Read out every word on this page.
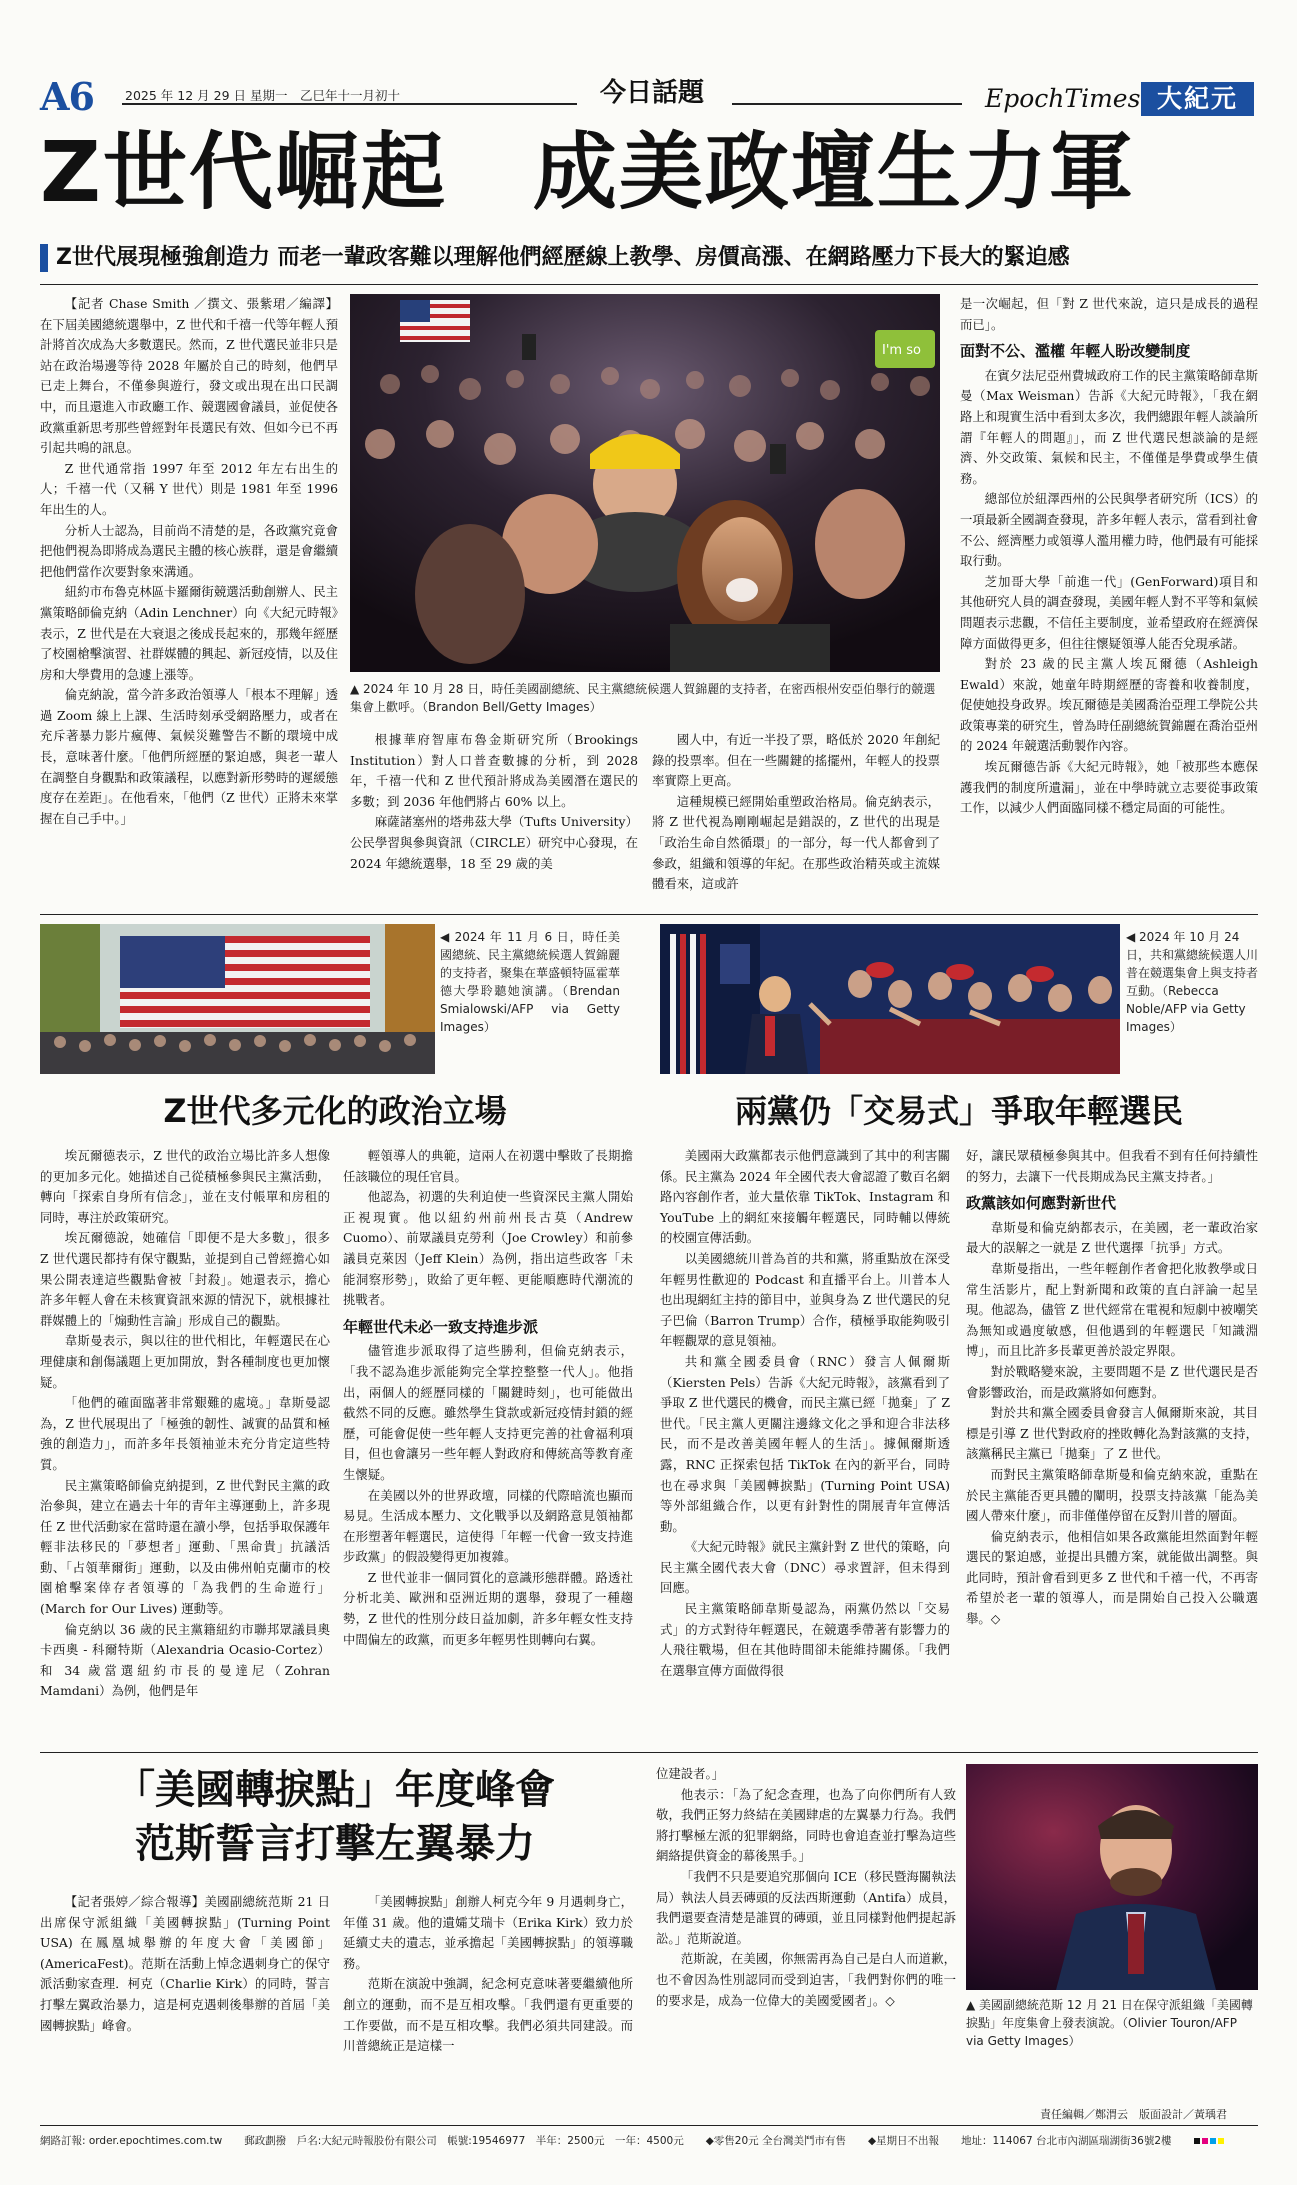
A6 2025 年 12 月 29 日 星期一　乙巳年十一月初十	今日話題	EpochTimes 大紀元
Z世代崛起　成美政壇生力軍
Z世代展現極強創造力 而老一輩政客難以理解他們經歷線上教學、房價高漲、在網路壓力下長大的緊迫感

【記者 Chase Smith ／撰文、張紫珺／編譯】在下屆美國總統選舉中，Z 世代和千禧一代等年輕人預計將首次成為大多數選民。然而，Z 世代選民並非只是站在政治場邊等待 2028 年屬於自己的時刻，他們早已走上舞台，不僅參與遊行，發文或出現在出口民調中，而且還進入市政廳工作、競選國會議員，並促使各政黨重新思考那些曾經對年長選民有效、但如今已不再引起共鳴的訊息。

Z 世代通常指 1997 年至 2012 年左右出生的人；千禧一代（又稱 Y 世代）則是 1981 年至 1996 年出生的人。

分析人士認為，目前尚不清楚的是，各政黨究竟會把他們視為即將成為選民主體的核心族群，還是會繼續把他們當作次要對象來溝通。

紐約市布魯克林區卡羅爾街競選活動創辦人、民主黨策略師倫克納（Adin Lenchner）向《大紀元時報》表示，Z 世代是在大衰退之後成長起來的，那幾年經歷了校園槍擊演習、社群媒體的興起、新冠疫情，以及住房和大學費用的急遽上漲等。

倫克納說，當今許多政治領導人「根本不理解」透過 Zoom 線上上課、生活時刻承受網路壓力，或者在充斥著暴力影片瘋傳、氣候災難警告不斷的環境中成長，意味著什麼。「他們所經歷的緊迫感，與老一輩人在調整自身觀點和政策議程，以應對新形勢時的遲緩態度存在差距」。在他看來，「他們（Z 世代）正將未來掌握在自己手中。」

I'm so
▲ 2024 年 10 月 28 日，時任美國副總統、民主黨總統候選人賀錦麗的支持者，在密西根州安亞伯舉行的競選集會上歡呼。（Brandon Bell/Getty Images）

根據華府智庫布魯金斯研究所（Brookings Institution）對人口普查數據的分析，到 2028 年，千禧一代和 Z 世代預計將成為美國潛在選民的多數；到 2036 年他們將占 60% 以上。

麻薩諸塞州的塔弗茲大學（Tufts University）公民學習與參與資訊（CIRCLE）研究中心發現，在 2024 年總統選舉，18 至 29 歲的美

國人中，有近一半投了票，略低於 2020 年創紀錄的投票率。但在一些關鍵的搖擺州，年輕人的投票率實際上更高。

這種規模已經開始重塑政治格局。倫克納表示，將 Z 世代視為剛剛崛起是錯誤的，Z 世代的出現是「政治生命自然循環」的一部分，每一代人都會到了參政，組織和領導的年紀。在那些政治精英或主流媒體看來，這或許

是一次崛起，但「對 Z 世代來說，這只是成長的過程而已」。

面對不公、濫權 年輕人盼改變制度

在賓夕法尼亞州費城政府工作的民主黨策略師韋斯曼（Max Weisman）告訴《大紀元時報》，「我在網路上和現實生活中看到太多次，我們總跟年輕人談論所謂『年輕人的問題』」，而 Z 世代選民想談論的是經濟、外交政策、氣候和民主，不僅僅是學費或學生債務。

總部位於紐澤西州的公民與學者研究所（ICS）的一項最新全國調查發現，許多年輕人表示，當看到社會不公、經濟壓力或領導人濫用權力時，他們最有可能採取行動。

芝加哥大學「前進一代」(GenForward)項目和其他研究人員的調查發現，美國年輕人對不平等和氣候問題表示悲觀，不信任主要制度，並希望政府在經濟保障方面做得更多，但往往懷疑領導人能否兌現承諾。

對於 23 歲的民主黨人埃瓦爾德（Ashleigh Ewald）來說，她童年時期經歷的寄養和收養制度，促使她投身政界。埃瓦爾德是美國喬治亞理工學院公共政策專業的研究生，曾為時任副總統賀錦麗在喬治亞州的 2024 年競選活動製作內容。

埃瓦爾德告訴《大紀元時報》，她「被那些本應保護我們的制度所遺漏」，並在中學時就立志要從事政策工作，以減少人們面臨同樣不穩定局面的可能性。

◀ 2024 年 11 月 6 日，時任美國總統、民主黨總統候選人賀錦麗的支持者，聚集在華盛頓特區霍華德大學聆聽她演講。（Brendan Smialowski/AFP via Getty Images）
◀ 2024 年 10 月 24 日，共和黨總統候選人川普在競選集會上與支持者互動。（Rebecca Noble/AFP via Getty Images）
Z世代多元化的政治立場

埃瓦爾德表示，Z 世代的政治立場比許多人想像的更加多元化。她描述自己從積極參與民主黨活動，轉向「探索自身所有信念」，並在支付帳單和房租的同時，專注於政策研究。

埃瓦爾德說，她確信「即便不是大多數」，很多 Z 世代選民都持有保守觀點，並提到自己曾經擔心如果公開表達這些觀點會被「封殺」。她還表示，擔心許多年輕人會在未核實資訊來源的情況下，就根據社群媒體上的「煽動性言論」形成自己的觀點。

韋斯曼表示，與以往的世代相比，年輕選民在心理健康和創傷議題上更加開放，對各種制度也更加懷疑。

「他們的確面臨著非常艱難的處境。」韋斯曼認為，Z 世代展現出了「極強的韌性、誠實的品質和極強的創造力」，而許多年長領袖並未充分肯定這些特質。

民主黨策略師倫克納提到，Z 世代對民主黨的政治參與，建立在過去十年的青年主導運動上，許多現任 Z 世代活動家在當時還在讀小學，包括爭取保護年輕非法移民的「夢想者」運動、「黑命貴」抗議活動、「占領華爾街」運動，以及由佛州帕克蘭市的校園槍擊案倖存者領導的「為我們的生命遊行」(March for Our Lives) 運動等。

倫克納以 36 歲的民主黨籍紐約市聯邦眾議員奧卡西奧 - 科爾特斯（Alexandria Ocasio-Cortez）和 34 歲當選紐約市長的曼達尼（Zohran Mamdani）為例，他們是年

輕領導人的典範，這兩人在初選中擊敗了長期擔任該職位的現任官員。

他認為，初選的失利迫使一些資深民主黨人開始正視現實。他以紐約州前州長古莫（Andrew Cuomo）、前眾議員克勞利（Joe Crowley）和前參議員克萊因（Jeff Klein）為例，指出這些政客「未能洞察形勢」，敗給了更年輕、更能順應時代潮流的挑戰者。

年輕世代未必一致支持進步派

儘管進步派取得了這些勝利，但倫克納表示，「我不認為進步派能夠完全掌控整整一代人」。他指出，兩個人的經歷同樣的「關鍵時刻」，也可能做出截然不同的反應。雖然學生貸款或新冠疫情封鎖的經歷，可能會促使一些年輕人支持更完善的社會福利項目，但也會讓另一些年輕人對政府和傳統高等教育產生懷疑。

在美國以外的世界政壇，同樣的代際暗流也顯而易見。生活成本壓力、文化戰爭以及網路意見領袖都在形塑著年輕選民，這使得「年輕一代會一致支持進步政黨」的假設變得更加複雜。

Z 世代並非一個同質化的意識形態群體。路透社分析北美、歐洲和亞洲近期的選舉，發現了一種趨勢，Z 世代的性別分歧日益加劇，許多年輕女性支持中間偏左的政黨，而更多年輕男性則轉向右翼。

兩黨仍「交易式」爭取年輕選民

美國兩大政黨都表示他們意識到了其中的利害關係。民主黨為 2024 年全國代表大會認證了數百名網路內容創作者，並大量依靠 TikTok、Instagram 和 YouTube 上的網紅來接觸年輕選民，同時輔以傳統的校園宣傳活動。

以美國總統川普為首的共和黨，將重點放在深受年輕男性歡迎的 Podcast 和直播平台上。川普本人也出現網紅主持的節目中，並與身為 Z 世代選民的兒子巴倫（Barron Trump）合作，積極爭取能夠吸引年輕觀眾的意見領袖。

共和黨全國委員會（RNC）發言人佩爾斯（Kiersten Pels）告訴《大紀元時報》，該黨看到了爭取 Z 世代選民的機會，而民主黨已經「拋棄」了 Z 世代。「民主黨人更關注邊緣文化之爭和迎合非法移民，而不是改善美國年輕人的生活」。據佩爾斯透露，RNC 正探索包括 TikTok 在內的新平台，同時也在尋求與「美國轉捩點」(Turning Point USA) 等外部組織合作，以更有針對性的開展青年宣傳活動。

《大紀元時報》就民主黨針對 Z 世代的策略，向民主黨全國代表大會（DNC）尋求置評，但未得到回應。

民主黨策略師韋斯曼認為，兩黨仍然以「交易式」的方式對待年輕選民，在競選季帶著有影響力的人飛往戰場，但在其他時間卻未能維持關係。「我們在選舉宣傳方面做得很

好，讓民眾積極參與其中。但我看不到有任何持續性的努力，去讓下一代長期成為民主黨支持者。」

政黨該如何應對新世代

韋斯曼和倫克納都表示，在美國，老一輩政治家最大的誤解之一就是 Z 世代選擇「抗爭」方式。

韋斯曼指出，一些年輕創作者會把化妝教學或日常生活影片，配上對新聞和政策的直白評論一起呈現。他認為，儘管 Z 世代經常在電視和短劇中被嘲笑為無知或過度敏感，但他遇到的年輕選民「知識淵博」，而且比許多長輩更善於設定界限。

對於戰略變來說，主要問題不是 Z 世代選民是否會影響政治，而是政黨將如何應對。

對於共和黨全國委員會發言人佩爾斯來說，其目標是引導 Z 世代對政府的挫敗轉化為對該黨的支持，該黨稱民主黨已「拋棄」了 Z 世代。

而對民主黨策略師韋斯曼和倫克納來說，重點在於民主黨能否更具體的闡明，投票支持該黨「能為美國人帶來什麼」，而非僅僅停留在反對川普的層面。

倫克納表示，他相信如果各政黨能坦然面對年輕選民的緊迫感，並提出具體方案，就能做出調整。與此同時，預計會看到更多 Z 世代和千禧一代，不再寄希望於老一輩的領導人，而是開始自己投入公職選舉。◇

「美國轉捩點」年度峰會
范斯誓言打擊左翼暴力

【記者張婷／綜合報導】美國副總統范斯 21 日出席保守派組織「美國轉捩點」(Turning Point USA) 在鳳凰城舉辦的年度大會「美國節」(AmericaFest)。范斯在活動上悼念遇刺身亡的保守派活動家查理．柯克（Charlie Kirk）的同時，誓言打擊左翼政治暴力，這是柯克遇刺後舉辦的首屆「美國轉捩點」峰會。

「美國轉捩點」創辦人柯克今年 9 月遇刺身亡，年僅 31 歲。他的遺孀艾瑞卡（Erika Kirk）致力於延續丈夫的遺志，並承擔起「美國轉捩點」的領導職務。

范斯在演說中強調，紀念柯克意味著要繼續他所創立的運動，而不是互相攻擊。「我們還有更重要的工作要做，而不是互相攻擊。我們必須共同建設。而川普總統正是這樣一

位建設者。」

他表示：「為了紀念查理，也為了向你們所有人致敬，我們正努力終結在美國肆虐的左翼暴力行為。我們將打擊極左派的犯罪網絡，同時也會追查並打擊為這些網絡提供資金的幕後黑手。」

「我們不只是要追究那個向 ICE（移民暨海關執法局）執法人員丟磚頭的反法西斯運動（Antifa）成員，我們還要查清楚是誰買的磚頭，並且同樣對他們提起訴訟。」范斯說道。

范斯說，在美國，你無需再為自己是白人而道歉，也不會因為性別認同而受到迫害，「我們對你們的唯一的要求是，成為一位偉大的美國愛國者」。◇	▲ 美國副總統范斯 12 月 21 日在保守派組織「美國轉捩點」年度集會上發表演說。（Olivier Touron/AFP via Getty Images）
責任編輯／鄭渭云　版面設計／黃瑀君
網路訂報: order.epochtimes.com.tw 郵政劃撥　戶名:大紀元時報股份有限公司　帳號:19546977　半年：2500元　一年：4500元 ◆零售20元 全台灣美鬥市有售 ◆星期日不出報 地址：114067 台北市內湖區瑞湖街36號2樓
